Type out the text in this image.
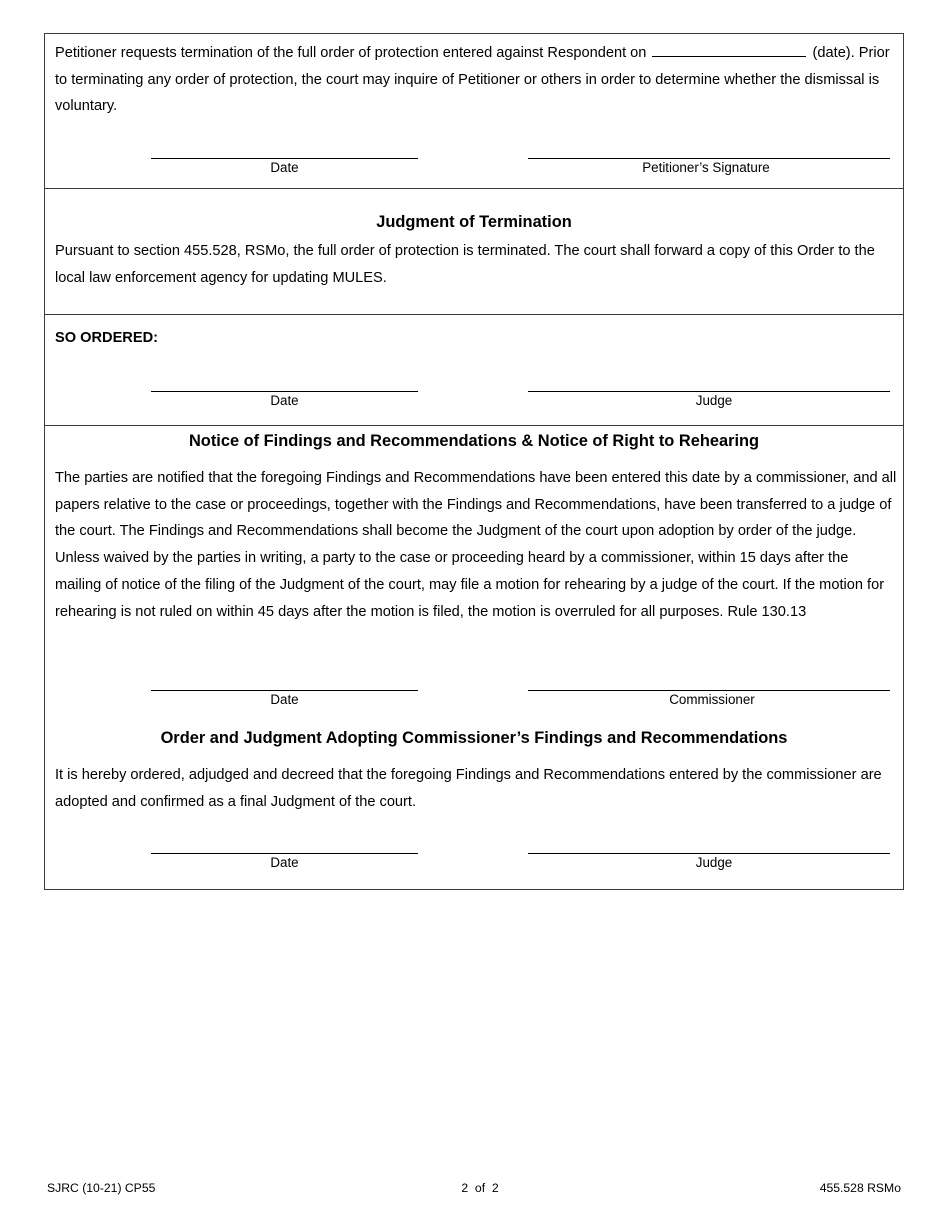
Petitioner requests termination of the full order of protection entered against Respondent on	(date). Prior to terminating any order of protection, the court may inquire of Petitioner or others in order to determine whether the dismissal is voluntary.
Date	Petitioner’s Signature
Judgment of Termination
Pursuant to section 455.528, RSMo, the full order of protection is terminated. The court shall forward a copy of this Order to the local law enforcement agency for updating MULES.
SO ORDERED:
Date	Judge
Notice of Findings and Recommendations & Notice of Right to Rehearing
The parties are notified that the foregoing Findings and Recommendations have been entered this date by a commissioner, and all papers relative to the case or proceedings, together with the Findings and Recommendations, have been transferred to a judge of the court. The Findings and Recommendations shall become the Judgment of the court upon adoption by order of the judge. Unless waived by the parties in writing, a party to the case or proceeding heard by a commissioner, within 15 days after the mailing of notice of the filing of the Judgment of the court, may file a motion for rehearing by a judge of the court. If the motion for rehearing is not ruled on within 45 days after the motion is filed, the motion is overruled for all purposes. Rule 130.13
Date	Commissioner
Order and Judgment Adopting Commissioner’s Findings and Recommendations
It is hereby ordered, adjudged and decreed that the foregoing Findings and Recommendations entered by the commissioner are adopted and confirmed as a final Judgment of the court.
Date	Judge
SJRC (10-21) CP55	2  of  2	455.528 RSMo
